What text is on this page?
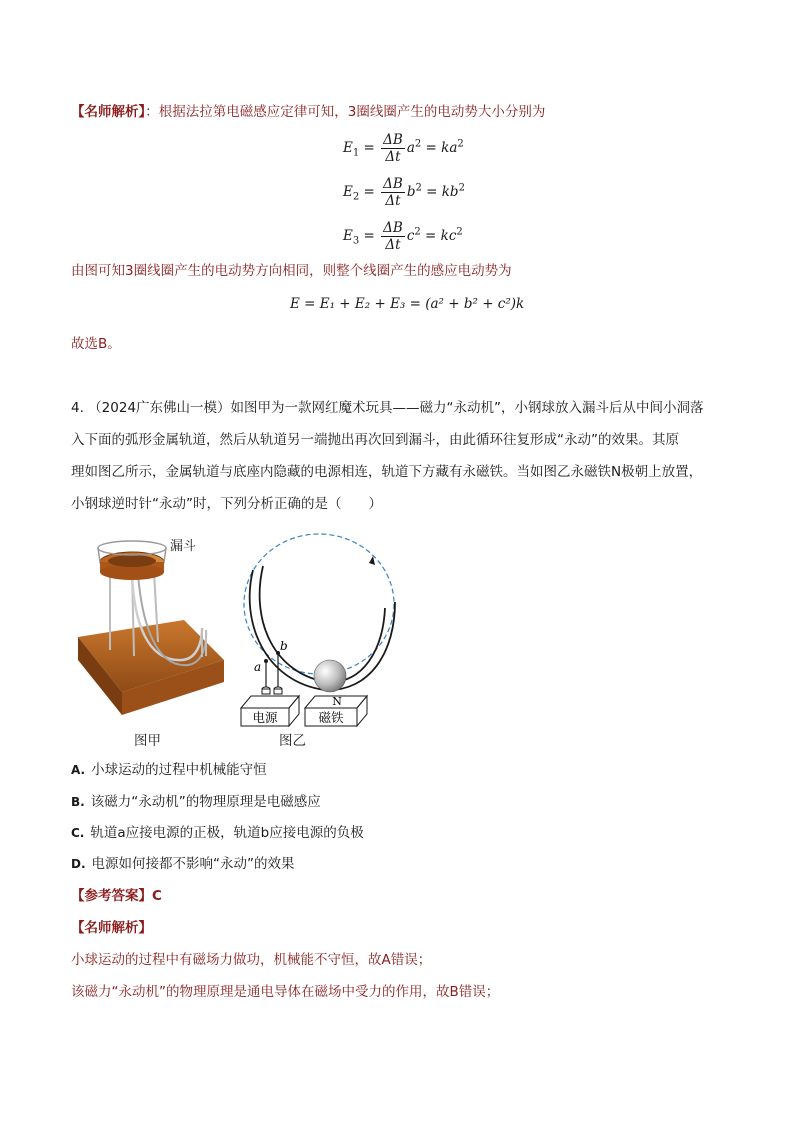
【名师解析】：根据法拉第电磁感应定律可知，3圈线圈产生的电动势大小分别为
$E_1 = \frac{\Delta B}{\Delta t} a^2 = ka^2$
$E_2 = \frac{\Delta B}{\Delta t} b^2 = kb^2$
$E_3 = \frac{\Delta B}{\Delta t} c^2 = kc^2$
由图可知3圈线圈产生的电动势方向相同，则整个线圈产生的感应电动势为
E = E₁ + E₂ + E₃ = (a² + b² + c²)k
故选B。
4. （2024广东佛山一模）如图甲为一款网红魔术玩具——磁力“永动机”，小钢球放入漏斗后从中间小洞落
入下面的弧形金属轨道，然后从轨道另一端抛出再次回到漏斗，由此循环往复形成“永动”的效果。其原
理如图乙所示，金属轨道与底座内隐藏的电源相连，轨道下方藏有永磁铁。当如图乙永磁铁N极朝上放置，
小钢球逆时针“永动”时，下列分析正确的是（　　）
漏斗
图甲
a
b
电源
N
磁铁
图乙
A. 小球运动的过程中机械能守恒
B. 该磁力“永动机”的物理原理是电磁感应
C. 轨道a应接电源的正极，轨道b应接电源的负极
D. 电源如何接都不影响“永动”的效果
【参考答案】C
【名师解析】
小球运动的过程中有磁场力做功，机械能不守恒，故A错误；
该磁力“永动机”的物理原理是通电导体在磁场中受力的作用，故B错误；
